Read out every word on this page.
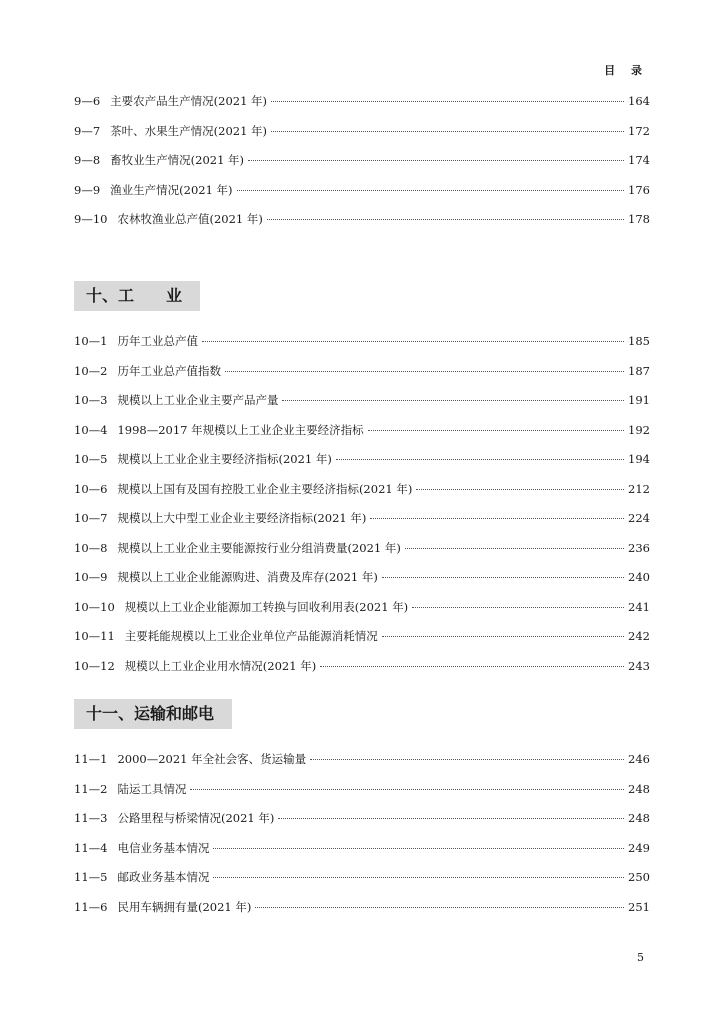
目 录
9—6 主要农产品生产情况(2021 年)	164
9—7 茶叶、水果生产情况(2021 年)	172
9—8 畜牧业生产情况(2021 年)	174
9—9 渔业生产情况(2021 年)	176
9—10 农林牧渔业总产值(2021 年)	178
十、工　　业
10—1 历年工业总产值	185
10—2 历年工业总产值指数	187
10—3 规模以上工业企业主要产品产量	191
10—4 1998—2017 年规模以上工业企业主要经济指标	192
10—5 规模以上工业企业主要经济指标(2021 年)	194
10—6 规模以上国有及国有控股工业企业主要经济指标(2021 年)	212
10—7 规模以上大中型工业企业主要经济指标(2021 年)	224
10—8 规模以上工业企业主要能源按行业分组消费量(2021 年)	236
10—9 规模以上工业企业能源购进、消费及库存(2021 年)	240
10—10 规模以上工业企业能源加工转换与回收利用表(2021 年)	241
10—11 主要耗能规模以上工业企业单位产品能源消耗情况	242
10—12 规模以上工业企业用水情况(2021 年)	243
十一、运输和邮电
11—1 2000—2021 年全社会客、货运输量	246
11—2 陆运工具情况	248
11—3 公路里程与桥梁情况(2021 年)	248
11—4 电信业务基本情况	249
11—5 邮政业务基本情况	250
11—6 民用车辆拥有量(2021 年)	251
5
